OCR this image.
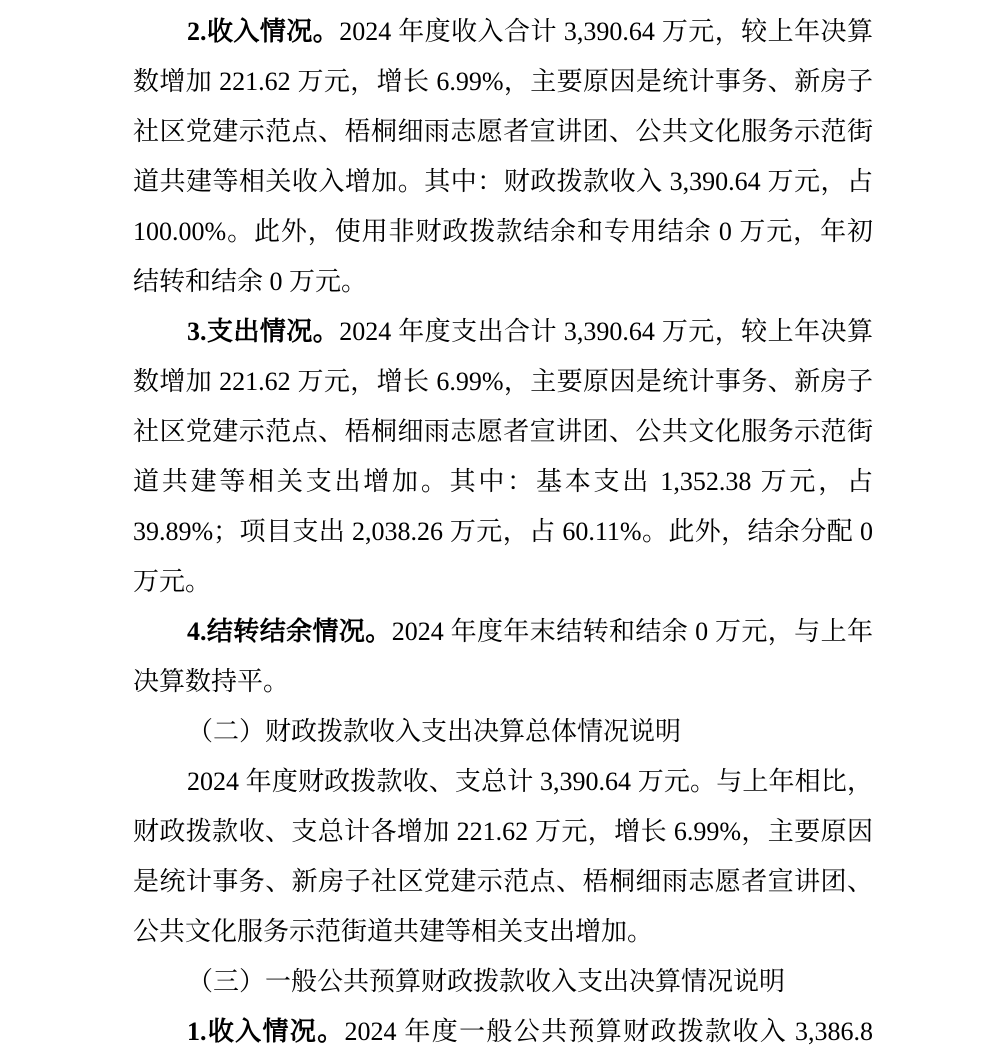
2.收入情况。2024 年度收入合计 3,390.64 万元，较上年决算
数增加 221.62 万元，增长 6.99%，主要原因是统计事务、新房子
社区党建示范点、梧桐细雨志愿者宣讲团、公共文化服务示范街
道共建等相关收入增加。其中：财政拨款收入 3,390.64 万元，占
100.00%。此外，使用非财政拨款结余和专用结余 0 万元，年初
结转和结余 0 万元。
3.支出情况。2024 年度支出合计 3,390.64 万元，较上年决算
数增加 221.62 万元，增长 6.99%，主要原因是统计事务、新房子
社区党建示范点、梧桐细雨志愿者宣讲团、公共文化服务示范街
道共建等相关支出增加。其中：基本支出 1,352.38 万元，占
39.89%；项目支出 2,038.26 万元，占 60.11%。此外，结余分配 0
万元。
4.结转结余情况。2024 年度年末结转和结余 0 万元，与上年
决算数持平。
（二）财政拨款收入支出决算总体情况说明
2024 年度财政拨款收、支总计 3,390.64 万元。与上年相比，
财政拨款收、支总计各增加 221.62 万元，增长 6.99%，主要原因
是统计事务、新房子社区党建示范点、梧桐细雨志愿者宣讲团、
公共文化服务示范街道共建等相关支出增加。
（三）一般公共预算财政拨款收入支出决算情况说明
1.收入情况。2024 年度一般公共预算财政拨款收入 3,386.8
